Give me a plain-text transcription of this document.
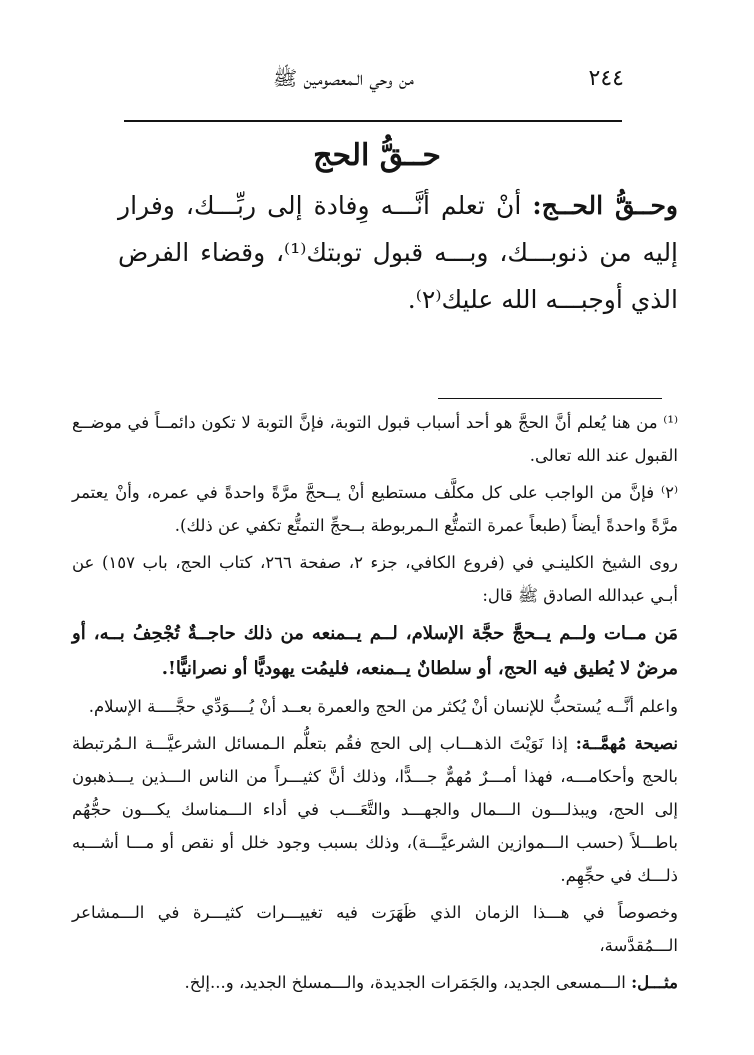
٢٤٤
من وحي الـمعصومين ﷺ
حــقُّ الحج
وحــقُّ الحــج: أنْ تعلم أنَّـــه وِفادة إلى ربِّـــك، وفرار إليه من ذنوبـــك، وبـــه قبول توبتك⁽¹⁾، وقضاء الفرض الذي أوجبـــه الله عليك⁽٢⁾.

⁽¹⁾ من هنا يُعلم أنَّ الحجَّ هو أحد أسباب قبول التوبة، فإنَّ التوبة لا تكون دائمــاً في موضــع القبول عند الله تعالى.

⁽٢⁾ فإنَّ من الواجب على كل مكلَّف مستطيع أنْ يــحجَّ مرَّةً واحدةً في عمره، وأنْ يعتمر مرَّةً واحدةً أيضاً (طبعاً عمرة التمتُّع الـمربوطة بــحجِّ التمتُّع تكفي عن ذلك).

روى الشيخ الكلينـي في (فروع الكافي، جزء ٢، صفحة ٢٦٦، كتاب الحج، باب ١٥٧) عن أبـي عبدالله الصادق ﷺ قال:

مَن مــات ولــم يــحجَّ حجَّة الإسلام، لــم يــمنعه من ذلك حاجــةٌ تُجْحِفُ بــه، أو مرضٌ لا يُطيق فيه الحج، أو سلطانٌ يــمنعه، فليمُت يهوديًّا أو نصرانيًّا!.

واعلم أنَّــه يُستحبُّ للإنسان أنْ يُكثر من الحج والعمرة بعــد أنْ يُــــوَدِّي حجَّــــة الإسلام.

نصيحة مُهمَّــة: إذا نَوَيْتَ الذهـــاب إلى الحج فقُم بتعلُّم الـمسائل الشرعيَّـــة الـمُرتبطة بالحج وأحكامـــه، فهذا أمـــرٌ مُهمٌّ جـــدًّا، وذلك أنَّ كثيـــراً من الناس الـــذين يـــذهبون إلى الحج، ويبذلـــون الـــمال والجهـــد والتَّعَـــب في أداء الـــمناسك يكـــون حجُّهُم باطـــلاً (حسب الـــموازين الشرعيَّـــة)، وذلك بسبب وجود خلل أو نقص أو مـــا أشـــبه ذلـــك في حجِّهِم.

وخصوصاً في هـــذا الزمان الذي ظَهَرَت فيه تغييـــرات كثيـــرة في الـــمشاعر الـــمُقدَّسة،

مثـــل: الـــمسعى الجديد، والجَمَرات الجديدة، والـــمسلخ الجديد، و...إلخ.
